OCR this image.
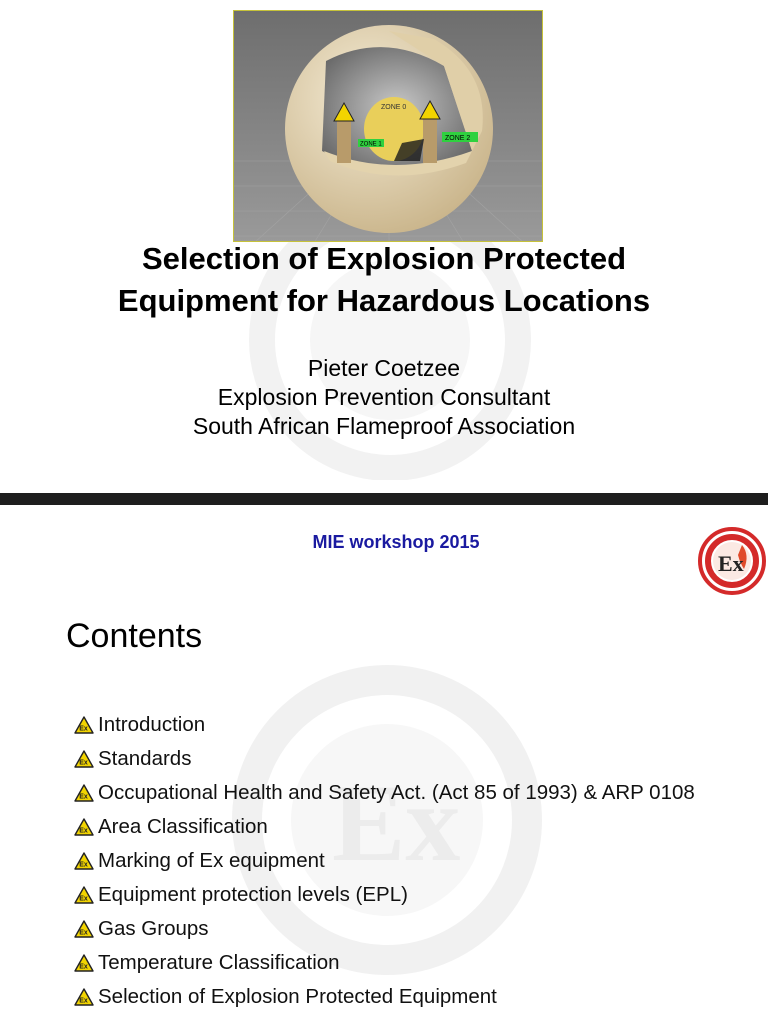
ZONE 0
ZONE 1
ZONE 2
Selection of Explosion Protected
Equipment for Hazardous Locations
Pieter Coetzee
Explosion Prevention Consultant
South African Flameproof Association
Ex
MIE workshop 2015
Ex
Contents
Ex Introduction
Ex Standards
Ex Occupational Health and Safety Act. (Act 85 of 1993) & ARP 0108
Ex Area Classification
Ex Marking of Ex equipment
Ex Equipment protection levels (EPL)
Ex Gas Groups
Ex Temperature Classification
Ex Selection of Explosion Protected Equipment
